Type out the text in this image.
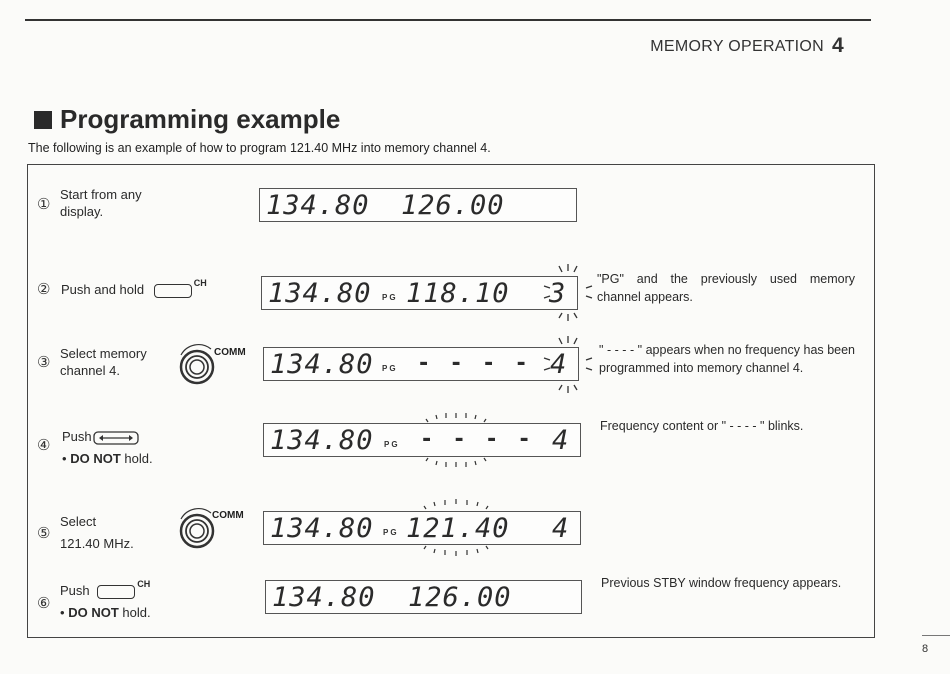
MEMORY OPERATION 4
Programming example
The following is an example of how to program 121.40 MHz into memory channel 4.
①
Start from any
display.	134.80 126.00
② Push and hold	$^{CH}$ 134.80 PG 118.10 3 "PG" and the previously used memory channel appears.
③
Select memory
channel 4.
COMM 134.80 PG - - - - 4	" - - - - " appears when no frequency has been programmed into memory channel 4.
④
Push
• DO NOT hold.
134.80 PG - - - - 4 Frequency content or " - - - - " blinks.
⑤
Select
121.40 MHz.
COMM 134.80 PG 121.40 4
⑥
Push	$^{CH}$
• DO NOT hold.	134.80 126.00	Previous STBY window frequency appears.
8
